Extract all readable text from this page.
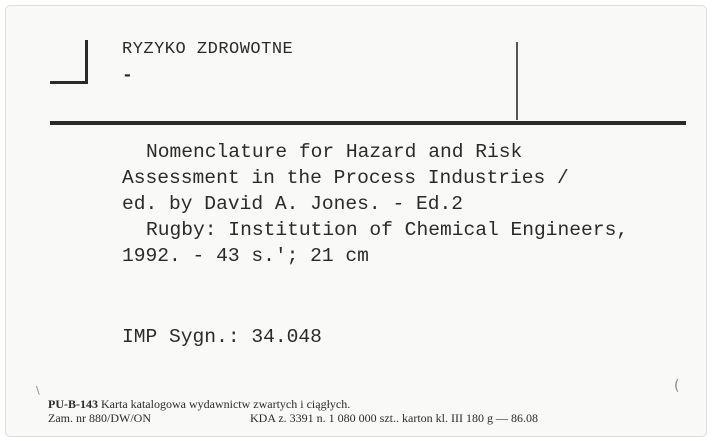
RYZYKO ZDROWOTNE
-
Nomenclature for Hazard and Risk
Assessment in the Process Industries /
ed. by David A. Jones. - Ed.2
Rugby: Institution of Chemical Engineers,
1992. - 43 s.'; 21 cm
IMP Sygn.: 34.048
PU-B-143 Karta katalogowa wydawnictw zwartych i ciągłych.
Zam. nr 880/DW/ON	KDA z. 3391 n. 1 080 000 szt.. karton kl. III 180 g — 86.08
(
\
